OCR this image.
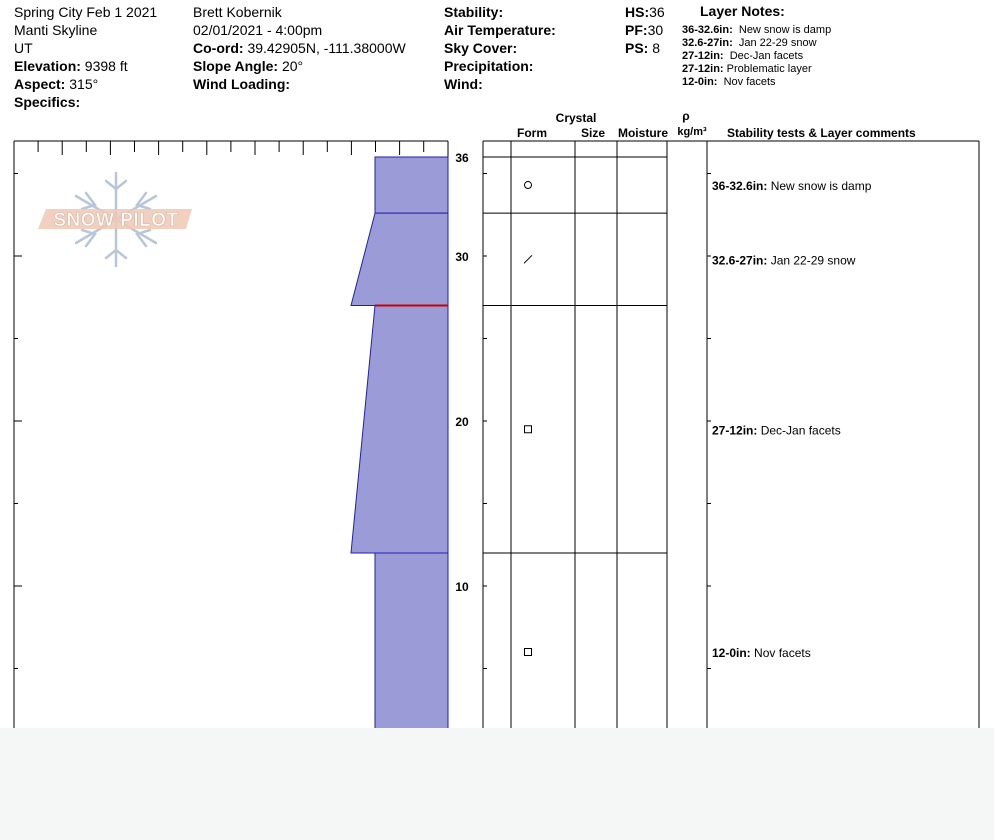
Spring City Feb 1 2021
Manti Skyline
UT
Elevation: 9398 ft
Aspect: 315°
Specifics:
Brett Kobernik
02/01/2021 - 4:00pm
Co-ord: 39.42905N, -111.38000W
Slope Angle: 20°
Wind Loading:
Stability:
Air Temperature:
Sky Cover:
Precipitation:
Wind:
HS:36
PF:30
PS: 8
Layer Notes:
36-32.6in: New snow is damp
32.6-27in: Jan 22-29 snow
27-12in: Dec-Jan facets
27-12in: Problematic layer
12-0in: Nov facets
Crystal
Form	Size Moisture
ρ
kg/m³ Stability tests & Layer comments
36
30
20
10
SNOW PILOT
36-32.6in: New snow is damp
32.6-27in: Jan 22-29 snow
27-12in: Dec-Jan facets
12-0in: Nov facets
